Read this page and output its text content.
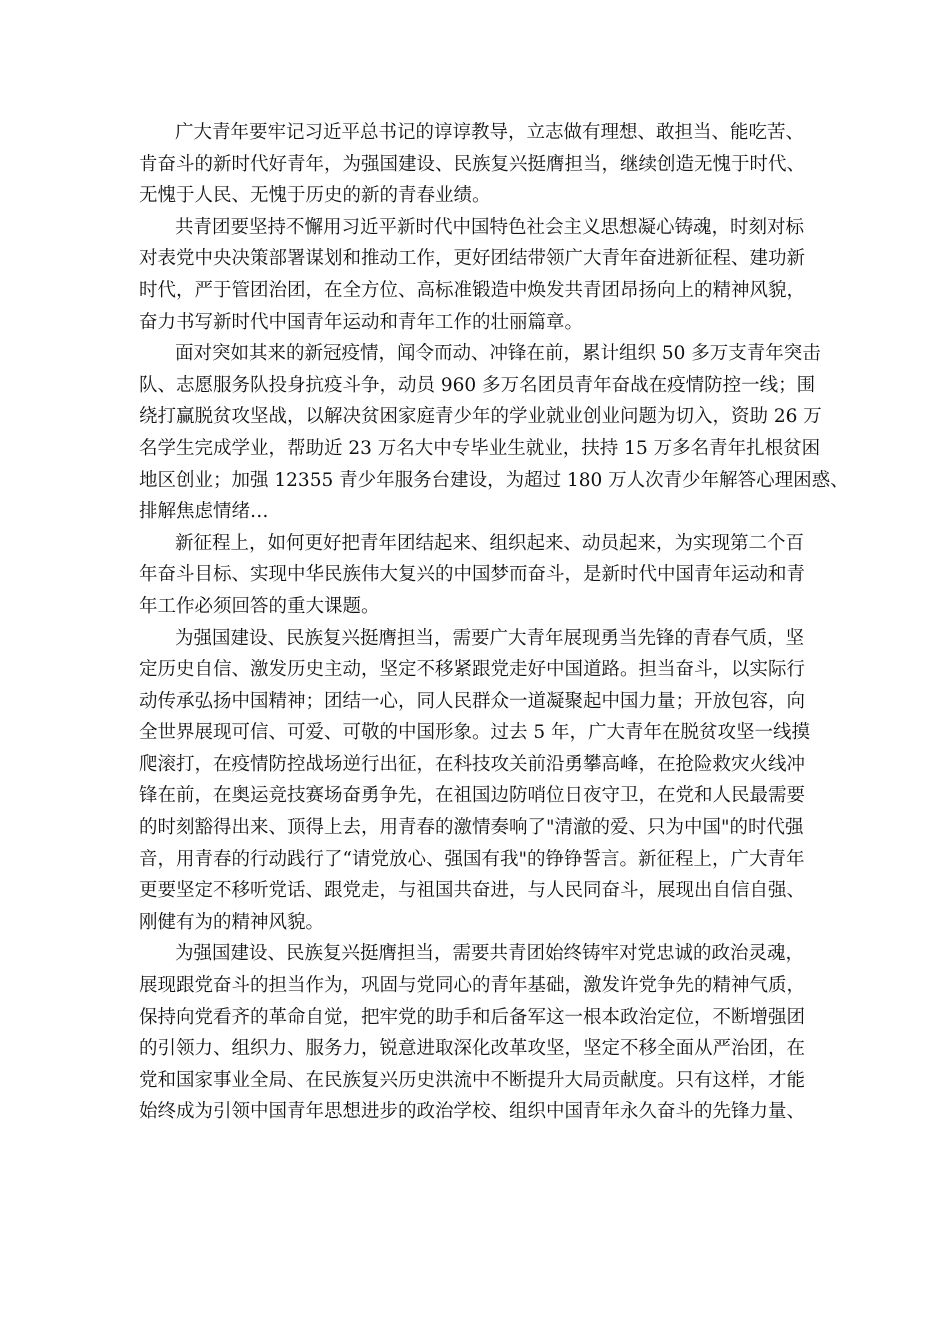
广大青年要牢记习近平总书记的谆谆教导，立志做有理想、敢担当、能吃苦、
肯奋斗的新时代好青年，为强国建设、民族复兴挺膺担当，继续创造无愧于时代、
无愧于人民、无愧于历史的新的青春业绩。
共青团要坚持不懈用习近平新时代中国特色社会主义思想凝心铸魂，时刻对标
对表党中央决策部署谋划和推动工作，更好团结带领广大青年奋进新征程、建功新
时代，严于管团治团，在全方位、高标准锻造中焕发共青团昂扬向上的精神风貌，
奋力书写新时代中国青年运动和青年工作的壮丽篇章。
面对突如其来的新冠疫情，闻令而动、冲锋在前，累计组织 50 多万支青年突击
队、志愿服务队投身抗疫斗争，动员 960 多万名团员青年奋战在疫情防控一线；围
绕打赢脱贫攻坚战，以解决贫困家庭青少年的学业就业创业问题为切入，资助 26 万
名学生完成学业，帮助近 23 万名大中专毕业生就业，扶持 15 万多名青年扎根贫困
地区创业；加强 12355 青少年服务台建设，为超过 180 万人次青少年解答心理困惑、
排解焦虑情绪…
新征程上，如何更好把青年团结起来、组织起来、动员起来，为实现第二个百
年奋斗目标、实现中华民族伟大复兴的中国梦而奋斗，是新时代中国青年运动和青
年工作必须回答的重大课题。
为强国建设、民族复兴挺膺担当，需要广大青年展现勇当先锋的青春气质，坚
定历史自信、激发历史主动，坚定不移紧跟党走好中国道路。担当奋斗，以实际行
动传承弘扬中国精神；团结一心，同人民群众一道凝聚起中国力量；开放包容，向
全世界展现可信、可爱、可敬的中国形象。过去 5 年，广大青年在脱贫攻坚一线摸
爬滚打，在疫情防控战场逆行出征，在科技攻关前沿勇攀高峰，在抢险救灾火线冲
锋在前，在奥运竞技赛场奋勇争先，在祖国边防哨位日夜守卫，在党和人民最需要
的时刻豁得出来、顶得上去，用青春的激情奏响了"清澈的爱、只为中国"的时代强
音，用青春的行动践行了“请党放心、强国有我"的铮铮誓言。新征程上，广大青年
更要坚定不移听党话、跟党走，与祖国共奋进，与人民同奋斗，展现出自信自强、
刚健有为的精神风貌。
为强国建设、民族复兴挺膺担当，需要共青团始终铸牢对党忠诚的政治灵魂，
展现跟党奋斗的担当作为，巩固与党同心的青年基础，激发许党争先的精神气质，
保持向党看齐的革命自觉，把牢党的助手和后备军这一根本政治定位，不断增强团
的引领力、组织力、服务力，锐意进取深化改革攻坚，坚定不移全面从严治团，在
党和国家事业全局、在民族复兴历史洪流中不断提升大局贡献度。只有这样，才能
始终成为引领中国青年思想进步的政治学校、组织中国青年永久奋斗的先锋力量、
